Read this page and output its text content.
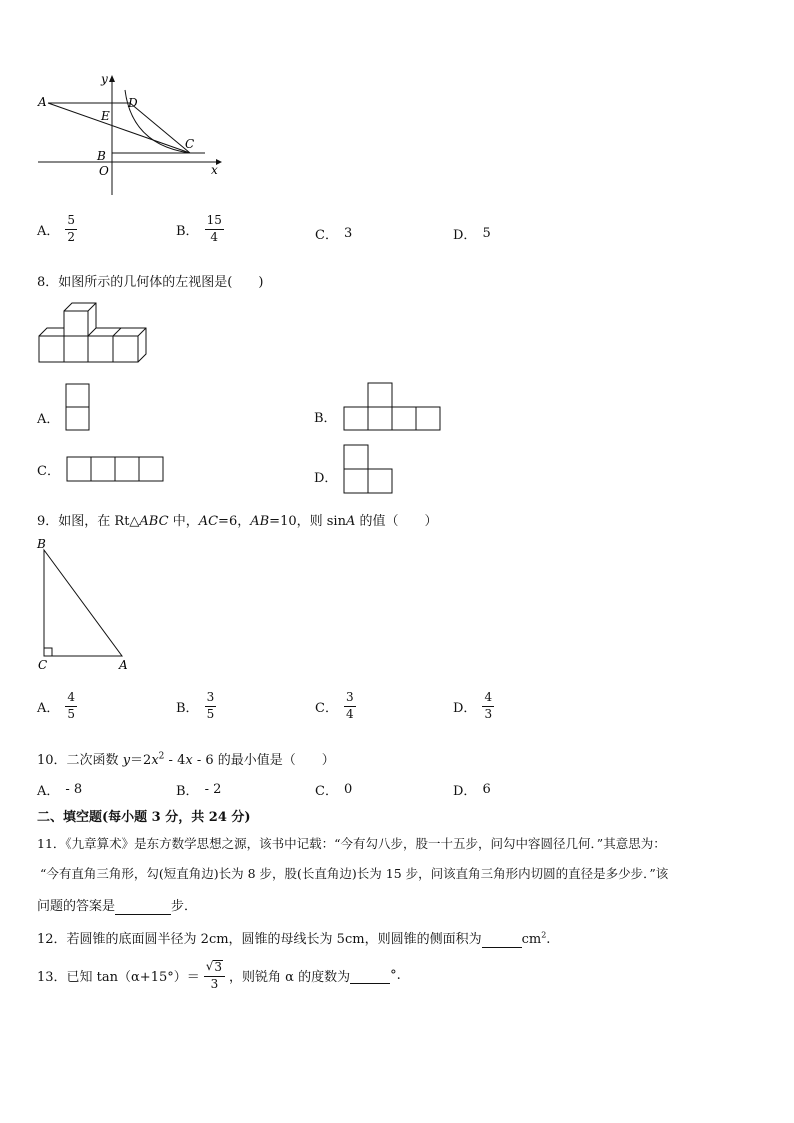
y
x
O
A
B
C
D
E
A． $\frac{5}{2}$	B． $\frac{15}{4}$	C． 3	D． 5
8．如图所示的几何体的左视图是(　　)
A．	B．
C．	D．
9．如图，在 Rt△ABC 中，AC=6，AB=10，则 sinA 的值（　　）
B
C	A
A． $\frac{4}{5}$	B． $\frac{3}{5}$	C． $\frac{3}{4}$	D． $\frac{4}{3}$
10．二次函数 $y=2x^2 - 4x - 6$ 的最小值是（　　）
A． - 8	B． - 2	C． 0	D． 6
二、填空题(每小题 3 分，共 24 分)
11．《九章算术》是东方数学思想之源，该书中记载：“今有勾八步，股一十五步，问勾中容圆径几何．”其意思为：
“今有直角三角形，勾(短直角边)长为 8 步，股(长直角边)长为 15 步，问该直角三角形内切圆的直径是多少步．”该
问题的答案是	步．
12．若圆锥的底面圆半径为 2cm，圆锥的母线长为 5cm，则圆锥的侧面积为	$cm^2$.
13．已知 $\tan(\alpha+15^\circ)= \frac{√ 3}{3}$ ，则锐角 α 的度数为
	°.
